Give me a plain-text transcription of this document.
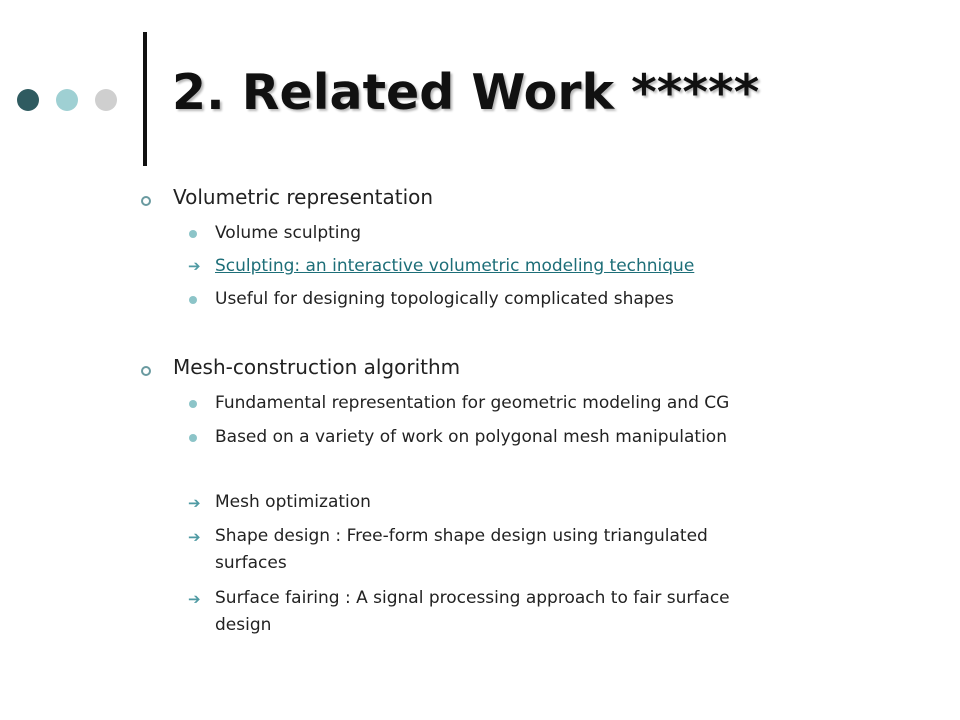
2. Related Work *****
Volumetric representation
Volume sculpting
➔ Sculpting: an interactive volumetric modeling technique
Useful for designing topologically complicated shapes
Mesh-construction algorithm
Fundamental representation for geometric modeling and CG
Based on a variety of work on polygonal mesh manipulation
➔ Mesh optimization
➔ Shape design : Free-form shape design using triangulated
surfaces
➔ Surface fairing : A signal processing approach to fair surface
design
